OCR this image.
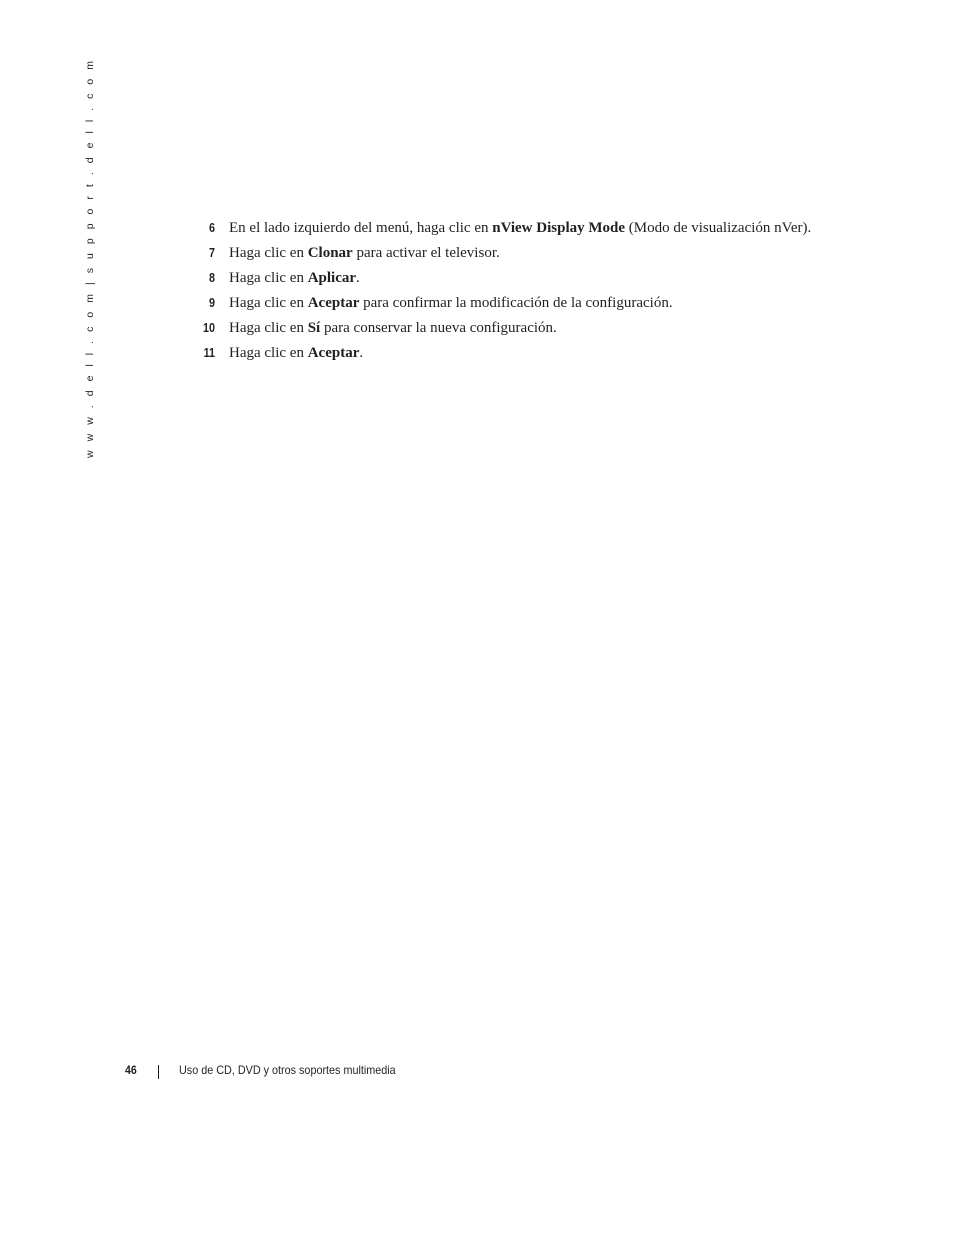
w w w . d e l l . c o m | s u p p o r t . d e l l . c o m	6 En el lado izquierdo del menú, haga clic en nView Display Mode (Modo de visualización nVer).
7 Haga clic en Clonar para activar el televisor.
8 Haga clic en Aplicar.
9 Haga clic en Aceptar para confirmar la modificación de la configuración.
10 Haga clic en Sí para conservar la nueva configuración.
11 Haga clic en Aceptar.
46	Uso de CD, DVD y otros soportes multimedia
